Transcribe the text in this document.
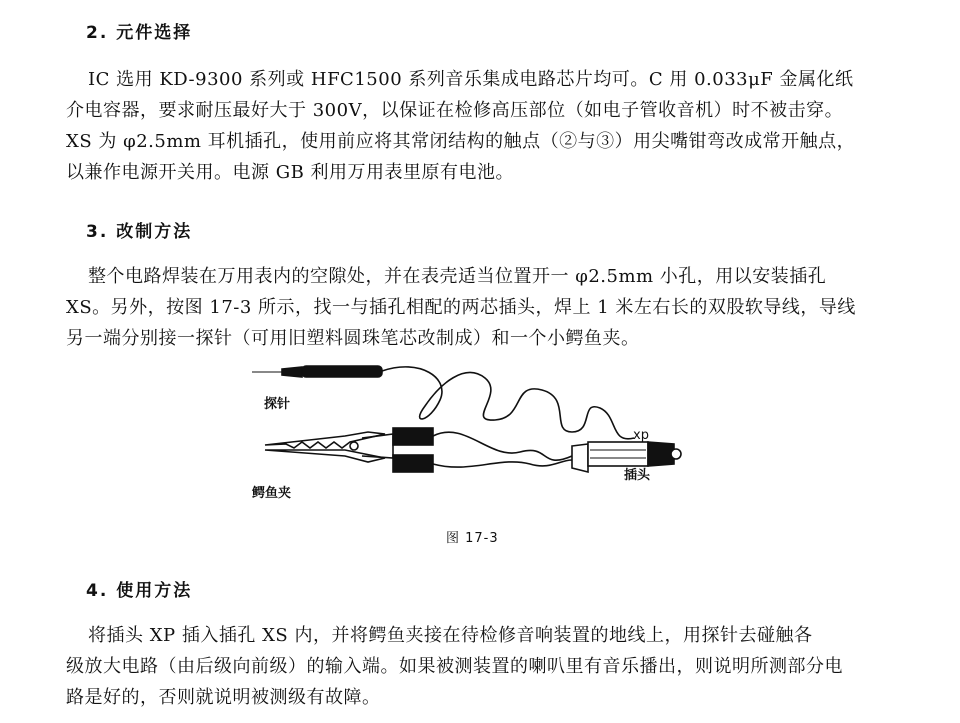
2. 元件选择
IC 选用 KD-9300 系列或 HFC1500 系列音乐集成电路芯片均可。C 用 0.033μF 金属化纸
介电容器，要求耐压最好大于 300V，以保证在检修高压部位（如电子管收音机）时不被击穿。
XS 为 φ2.5mm 耳机插孔，使用前应将其常闭结构的触点（②与③）用尖嘴钳弯改成常开触点，
以兼作电源开关用。电源 GB 利用万用表里原有电池。
3. 改制方法
整个电路焊装在万用表内的空隙处，并在表壳适当位置开一 φ2.5mm 小孔，用以安装插孔
XS。另外，按图 17-3 所示，找一与插孔相配的两芯插头，焊上 1 米左右长的双股软导线，导线
另一端分别接一探针（可用旧塑料圆珠笔芯改制成）和一个小鳄鱼夹。
探针
鳄鱼夹
xp
插头
图 17-3
4. 使用方法
将插头 XP 插入插孔 XS 内，并将鳄鱼夹接在待检修音响装置的地线上，用探针去碰触各
级放大电路（由后级向前级）的输入端。如果被测装置的喇叭里有音乐播出，则说明所测部分电
路是好的，否则就说明被测级有故障。
